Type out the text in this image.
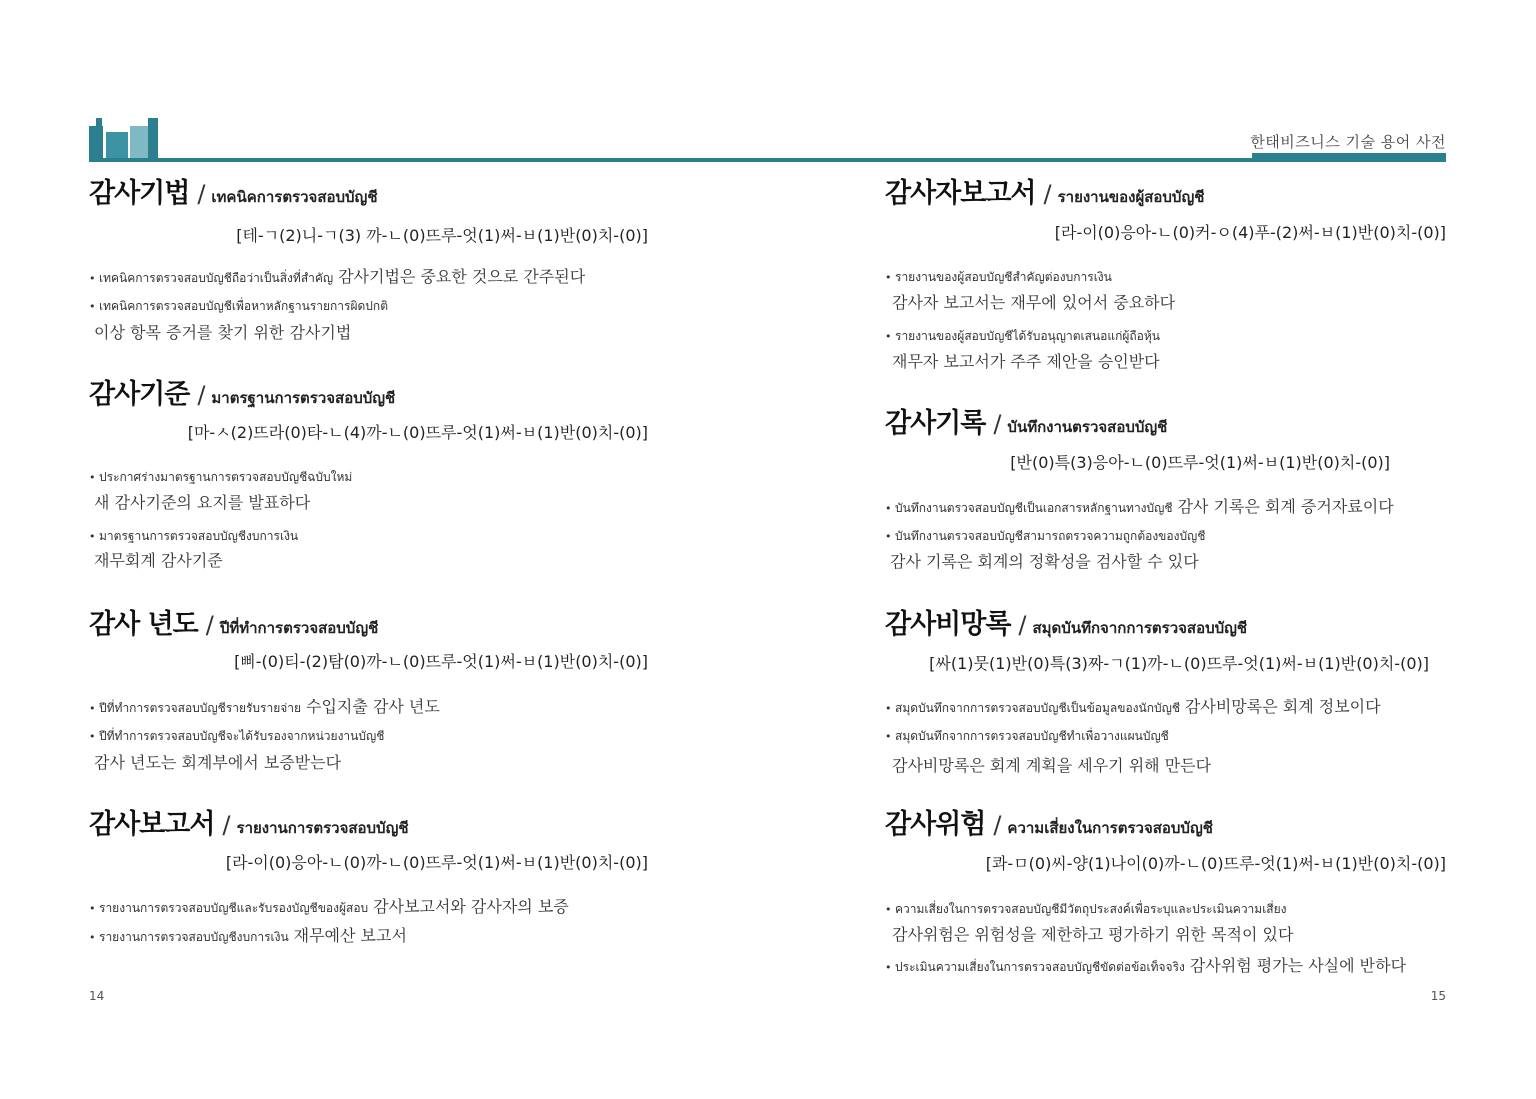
한태비즈니스 기술 용어 사전
감사기법 / เทคนิคการตรวจสอบบัญชี
[테-ㄱ(2)니-ㄱ(3) 까-ㄴ(0)뜨루-엇(1)써-ㅂ(1)반(0)치-(0)]
• เทคนิคการตรวจสอบบัญชีถือว่าเป็นสิ่งที่สำคัญ 감사기법은 중요한 것으로 간주된다
• เทคนิคการตรวจสอบบัญชีเพื่อหาหลักฐานรายการผิดปกติ
이상 항목 증거를 찾기 위한 감사기법
감사기준 / มาตรฐานการตรวจสอบบัญชี
[마-ㅅ(2)뜨라(0)타-ㄴ(4)까-ㄴ(0)뜨루-엇(1)써-ㅂ(1)반(0)치-(0)]
• ประกาศร่างมาตรฐานการตรวจสอบบัญชีฉบับใหม่
새 감사기준의 요지를 발표하다
• มาตรฐานการตรวจสอบบัญชีงบการเงิน
재무회계 감사기준
감사 년도 / ปีที่ทำการตรวจสอบบัญชี
[삐-(0)티-(2)탐(0)까-ㄴ(0)뜨루-엇(1)써-ㅂ(1)반(0)치-(0)]
• ปีที่ทำการตรวจสอบบัญชีรายรับรายจ่าย 수입지출 감사 년도
• ปีที่ทำการตรวจสอบบัญชีจะได้รับรองจากหน่วยงานบัญชี
감사 년도는 회계부에서 보증받는다
감사보고서 / รายงานการตรวจสอบบัญชี
[라-이(0)응아-ㄴ(0)까-ㄴ(0)뜨루-엇(1)써-ㅂ(1)반(0)치-(0)]
• รายงานการตรวจสอบบัญชีและรับรองบัญชีของผู้สอบ 감사보고서와 감사자의 보증
• รายงานการตรวจสอบบัญชีงบการเงิน 재무예산 보고서
감사자보고서 / รายงานของผู้สอบบัญชี
[라-이(0)응아-ㄴ(0)커-ㅇ(4)푸-(2)써-ㅂ(1)반(0)치-(0)]
• รายงานของผู้สอบบัญชีสำคัญต่องบการเงิน
감사자 보고서는 재무에 있어서 중요하다
• รายงานของผู้สอบบัญชีได้รับอนุญาตเสนอแก่ผู้ถือหุ้น
재무자 보고서가 주주 제안을 승인받다
감사기록 / บันทึกงานตรวจสอบบัญชี
[반(0)특(3)응아-ㄴ(0)뜨루-엇(1)써-ㅂ(1)반(0)치-(0)]
• บันทึกงานตรวจสอบบัญชีเป็นเอกสารหลักฐานทางบัญชี 감사 기록은 회계 증거자료이다
• บันทึกงานตรวจสอบบัญชีสามารถตรวจความถูกต้องของบัญชี
감사 기록은 회계의 정확성을 검사할 수 있다
감사비망록 / สมุดบันทึกจากการตรวจสอบบัญชี
[싸(1)뭇(1)반(0)특(3)짜-ㄱ(1)까-ㄴ(0)뜨루-엇(1)써-ㅂ(1)반(0)치-(0)]
• สมุดบันทึกจากการตรวจสอบบัญชีเป็นข้อมูลของนักบัญชี 감사비망록은 회계 정보이다
• สมุดบันทึกจากการตรวจสอบบัญชีทำเพื่อวางแผนบัญชี
감사비망록은 회계 계획을 세우기 위해 만든다
감사위험 / ความเสี่ยงในการตรวจสอบบัญชี
[콰-ㅁ(0)씨-양(1)나이(0)까-ㄴ(0)뜨루-엇(1)써-ㅂ(1)반(0)치-(0)]
• ความเสี่ยงในการตรวจสอบบัญชีมีวัตถุประสงค์เพื่อระบุและประเมินความเสี่ยง
감사위험은 위험성을 제한하고 평가하기 위한 목적이 있다
• ประเมินความเสี่ยงในการตรวจสอบบัญชีขัดต่อข้อเท็จจริง 감사위험 평가는 사실에 반하다
14	15
